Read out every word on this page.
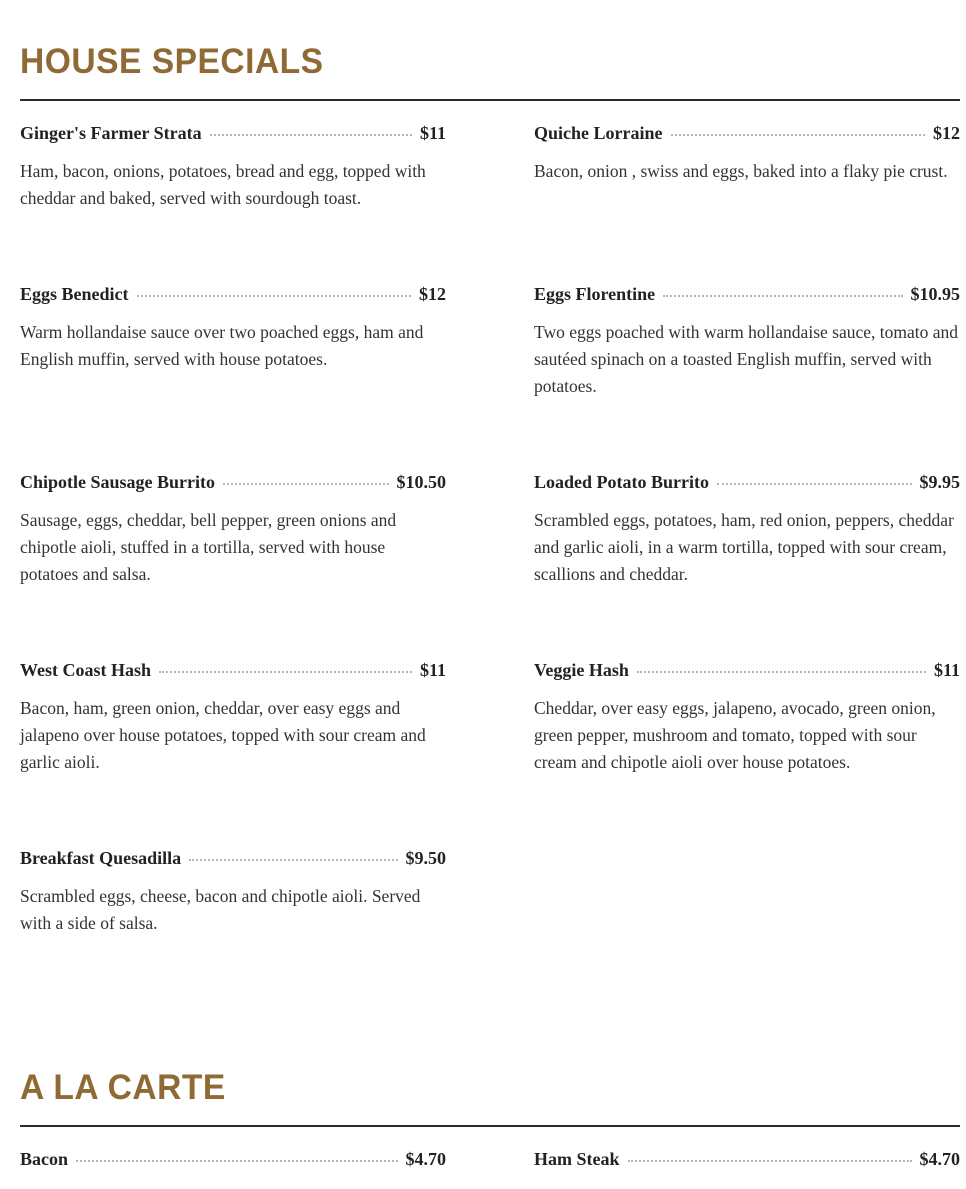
HOUSE SPECIALS
Ginger's Farmer Strata	$11
Ham, bacon, onions, potatoes, bread and egg, topped with cheddar and baked, served with sourdough toast.
Quiche Lorraine	$12
Bacon, onion , swiss and eggs, baked into a flaky pie crust.
Eggs Benedict	$12
Warm hollandaise sauce over two poached eggs, ham and English muffin, served with house potatoes.
Eggs Florentine	$10.95
Two eggs poached with warm hollandaise sauce, tomato and sautéed spinach on a toasted English muffin, served with potatoes.
Chipotle Sausage Burrito	$10.50
Sausage, eggs, cheddar, bell pepper, green onions and chipotle aioli, stuffed in a tortilla, served with house potatoes and salsa.
Loaded Potato Burrito	$9.95
Scrambled eggs, potatoes, ham, red onion, peppers, cheddar and garlic aioli, in a warm tortilla, topped with sour cream, scallions and cheddar.
West Coast Hash	$11
Bacon, ham, green onion, cheddar, over easy eggs and jalapeno over house potatoes, topped with sour cream and garlic aioli.
Veggie Hash	$11
Cheddar, over easy eggs, jalapeno, avocado, green onion, green pepper, mushroom and tomato, topped with sour cream and chipotle aioli over house potatoes.
Breakfast Quesadilla	$9.50
Scrambled eggs, cheese, bacon and chipotle aioli. Served with a side of salsa.
A LA CARTE
Bacon	$4.70	Ham Steak	$4.70
